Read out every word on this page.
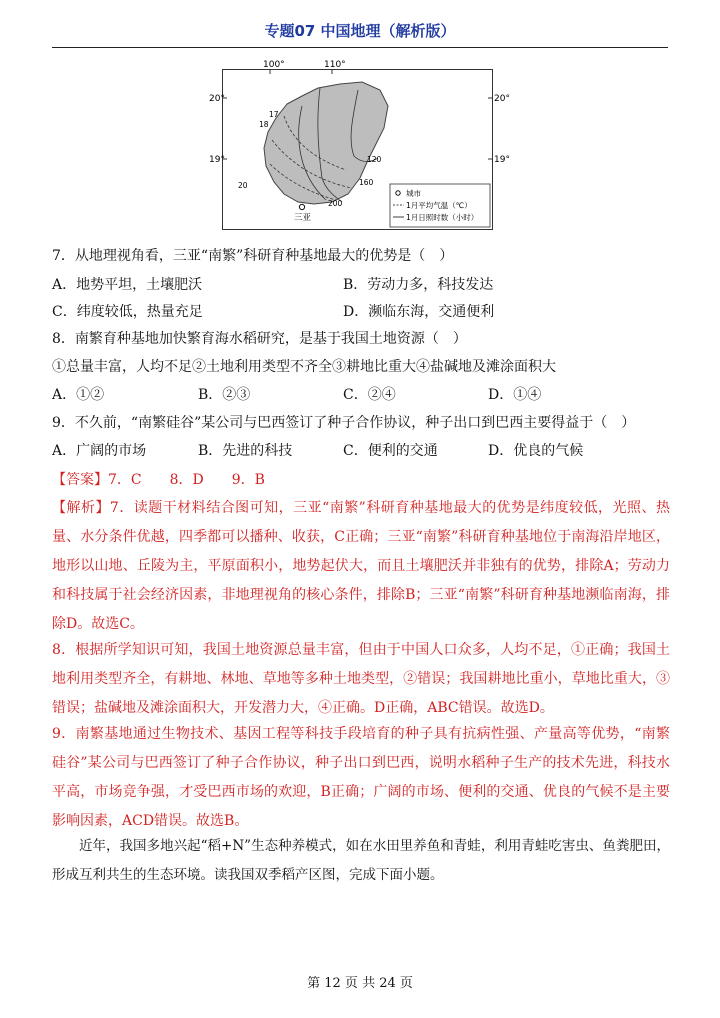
专题07 中国地理（解析版）
100°	110°
20°	20°
19°	19°
17
18
120
160
20
200
三亚
城市
1月平均气温（℃）
1月日照时数（小时）
7．从地理视角看，三亚“南繁”科研育种基地最大的优势是（　）
A．地势平坦，土壤肥沃	B．劳动力多，科技发达
C．纬度较低，热量充足	D．濒临东海，交通便利
8．南繁育种基地加快繁育海水稻研究，是基于我国土地资源（　）
①总量丰富，人均不足②土地利用类型不齐全③耕地比重大④盐碱地及滩涂面积大
A．①②	B．②③	C．②④	D．①④
9．不久前，“南繁硅谷”某公司与巴西签订了种子合作协议，种子出口到巴西主要得益于（　）
A．广阔的市场	B．先进的科技	C．便利的交通	D．优良的气候
【答案】7．C　　8．D　　9．B
【解析】7．读题干材料结合图可知，三亚“南繁”科研育种基地最大的优势是纬度较低，光照、热量、水分条件优越，四季都可以播种、收获，C正确；三亚“南繁”科研育种基地位于南海沿岸地区，地形以山地、丘陵为主，平原面积小，地势起伏大，而且土壤肥沃并非独有的优势，排除A；劳动力和科技属于社会经济因素，非地理视角的核心条件，排除B；三亚“南繁”科研育种基地濒临南海，排除D。故选C。
8．根据所学知识可知，我国土地资源总量丰富，但由于中国人口众多，人均不足，①正确；我国土地利用类型齐全，有耕地、林地、草地等多种土地类型，②错误；我国耕地比重小，草地比重大，③错误；盐碱地及滩涂面积大，开发潜力大，④正确。D正确，ABC错误。故选D。
9．南繁基地通过生物技术、基因工程等科技手段培育的种子具有抗病性强、产量高等优势，“南繁硅谷”某公司与巴西签订了种子合作协议，种子出口到巴西，说明水稻种子生产的技术先进，科技水平高，市场竞争强，才受巴西市场的欢迎，B正确；广阔的市场、便利的交通、优良的气候不是主要影响因素，ACD错误。故选B。
近年，我国多地兴起“稻+N”生态种养模式，如在水田里养鱼和青蛙，利用青蛙吃害虫、鱼粪肥田，形成互利共生的生态环境。读我国双季稻产区图，完成下面小题。
第 12 页 共 24 页
